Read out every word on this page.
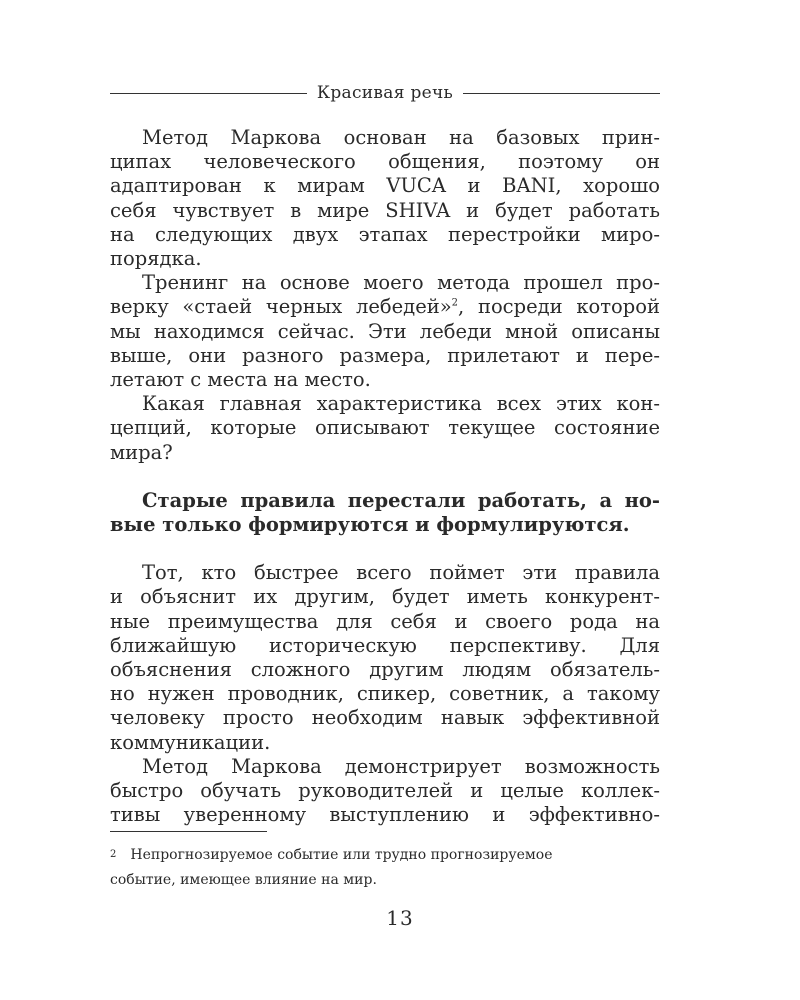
Красивая речь

Метод Маркова основан на базовых прин-
ципах человеческого общения, поэтому он
адаптирован к мирам VUCA и BANI, хорошо
себя чувствует в мире SHIVA и будет работать
на следующих двух этапах перестройки миро-
порядка.

Тренинг на основе моего метода прошел про-
верку «стаей черных лебедей»$^2$, посреди которой
мы находимся сейчас. Эти лебеди мной описаны
выше, они разного размера, прилетают и пере-
летают с места на место.

Какая главная характеристика всех этих кон-
цепций, которые описывают текущее состояние
мира?

Старые правила перестали работать, а но-
вые только формируются и формулируются.

Тот, кто быстрее всего поймет эти правила
и объяснит их другим, будет иметь конкурент-
ные преимущества для себя и своего рода на
ближайшую историческую перспективу. Для
объяснения сложного другим людям обязатель-
но нужен проводник, спикер, советник, а такому
человеку просто необходим навык эффективной
коммуникации.

Метод Маркова демонстрирует возможность
быстро обучать руководителей и целые коллек-
тивы уверенному выступлению и эффективно-

$^2$ Непрогнозируемое событие или трудно прогнозируемое
событие, имеющее влияние на мир.
13
